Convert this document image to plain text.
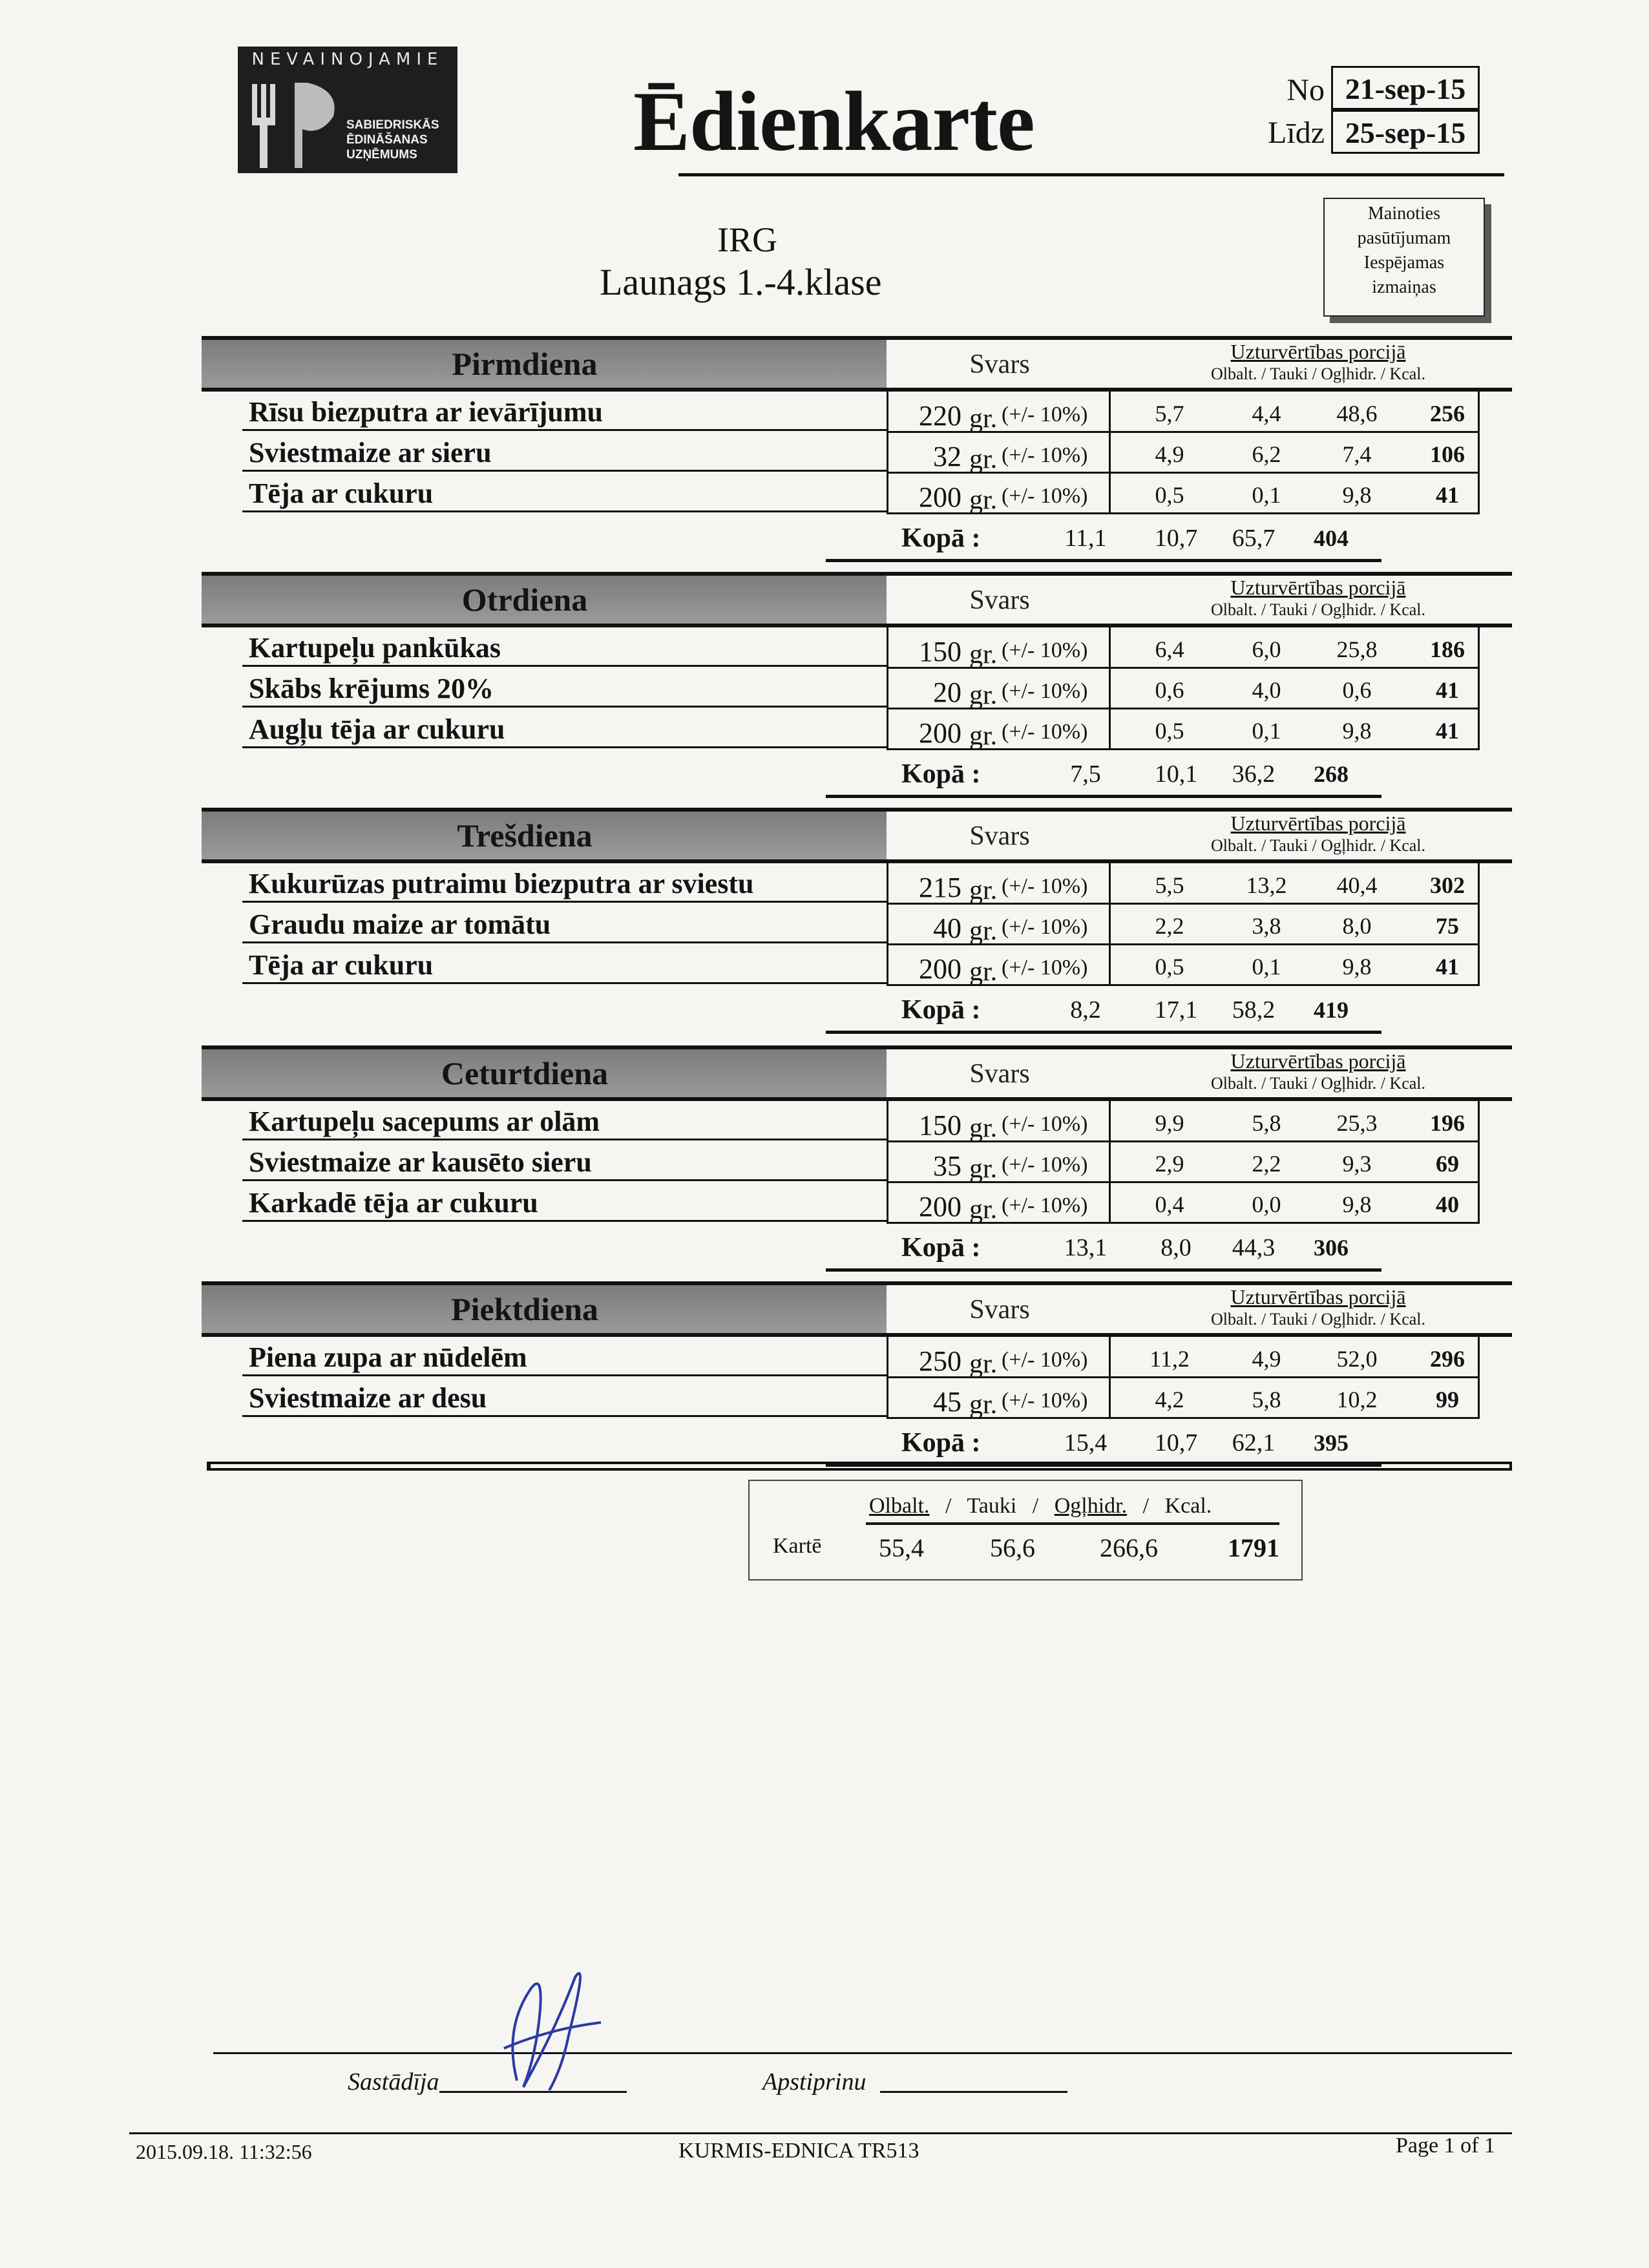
NEVAINOJAMIE
SABIEDRISKĀS
ĒDINĀŠANAS
UZŅĒMUMS	Ēdienkarte	No 21-sep-15
Līdz 25-sep-15
IRG
Launags 1.-4.klase
Mainoties
pasūtījumam
Iespējamas
izmaiņas
Pirmdiena	Svars	Uzturvērtības porcijā
Olbalt. / Tauki / Ogļhidr. / Kcal.
Rīsu biezputra ar ievārījumu	220 gr. (+/- 10%)	5,7	4,4	48,6	256
Sviestmaize ar sieru	32 gr. (+/- 10%)	4,9	6,2	7,4	106
Tēja ar cukuru	200 gr. (+/- 10%)	0,5	0,1	9,8	41
Kopā :	11,1	10,7	65,7	404
Otrdiena	Svars	Uzturvērtības porcijā
Olbalt. / Tauki / Ogļhidr. / Kcal.
Kartupeļu pankūkas	150 gr. (+/- 10%)	6,4	6,0	25,8	186
Skābs krējums 20%	20 gr. (+/- 10%)	0,6	4,0	0,6	41
Augļu tēja ar cukuru	200 gr. (+/- 10%)	0,5	0,1	9,8	41
Kopā :	7,5	10,1	36,2	268
Trešdiena	Svars	Uzturvērtības porcijā
Olbalt. / Tauki / Ogļhidr. / Kcal.
Kukurūzas putraimu biezputra ar sviestu	215 gr. (+/- 10%)	5,5	13,2	40,4	302
Graudu maize ar tomātu	40 gr. (+/- 10%)	2,2	3,8	8,0	75
Tēja ar cukuru	200 gr. (+/- 10%)	0,5	0,1	9,8	41
Kopā :	8,2	17,1	58,2	419
Ceturtdiena	Svars	Uzturvērtības porcijā
Olbalt. / Tauki / Ogļhidr. / Kcal.
Kartupeļu sacepums ar olām	150 gr. (+/- 10%)	9,9	5,8	25,3	196
Sviestmaize ar kausēto sieru	35 gr. (+/- 10%)	2,9	2,2	9,3	69
Karkadē tēja ar cukuru	200 gr. (+/- 10%)	0,4	0,0	9,8	40
Kopā :	13,1	8,0	44,3	306
Piektdiena	Svars	Uzturvērtības porcijā
Olbalt. / Tauki / Ogļhidr. / Kcal.
Piena zupa ar nūdelēm	250 gr. (+/- 10%)	11,2	4,9	52,0	296
Sviestmaize ar desu	45 gr. (+/- 10%)	4,2	5,8	10,2	99
Kopā :	15,4	10,7	62,1	395
Olbalt. / Tauki / Ogļhidr. / Kcal.
Kartē 55,4	56,6	266,6	1791
Sastādīja	Apstiprinu
2015.09.18. 11:32:56	KURMIS-EDNICA TR513	Page 1 of 1
